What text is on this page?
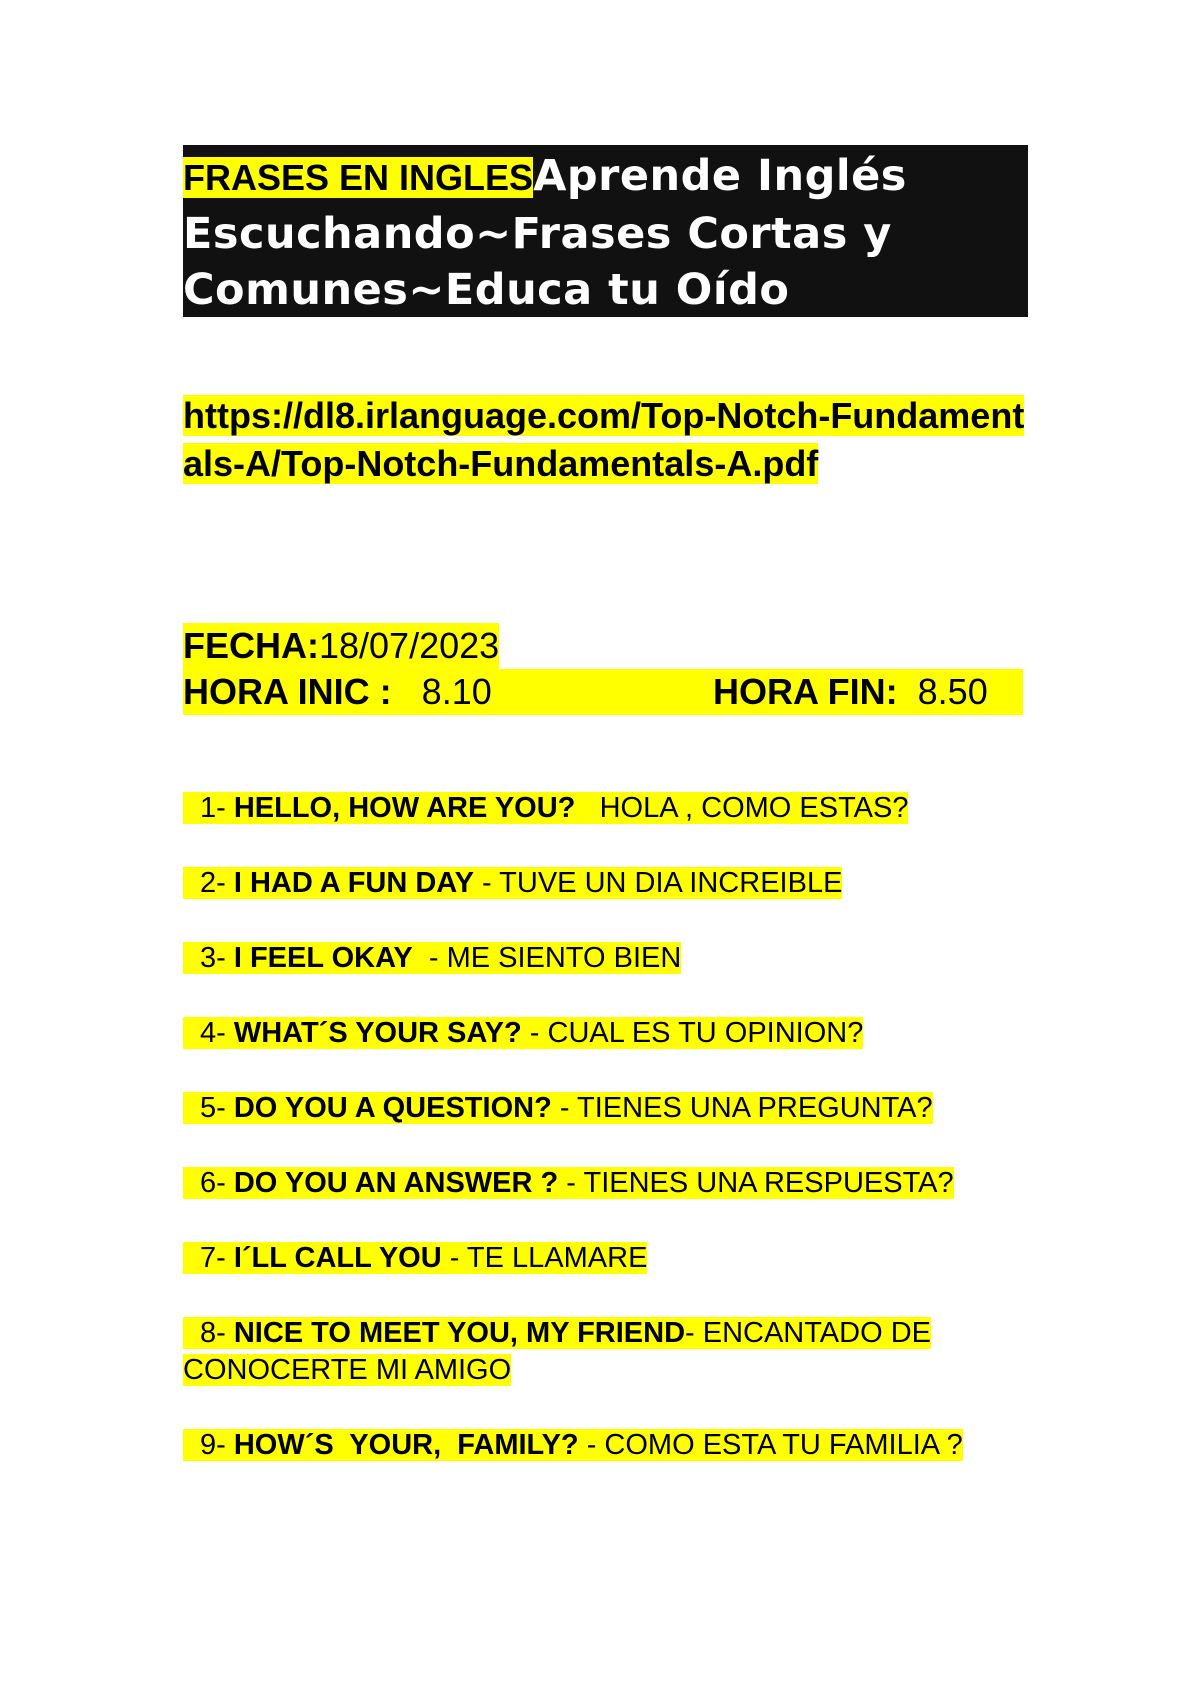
FRASES EN INGLESAprende Inglés Escuchando~Frases Cortas y Comunes~Educa tu Oído
https://dl8.irlanguage.com/Top-Notch-Fundamentals-A/Top-Notch-Fundamentals-A.pdf
FECHA:18/07/2023
HORA INIC : 8.10	HORA FIN: 8.50
1- HELLO, HOW ARE YOU?   HOLA , COMO ESTAS?
2- I HAD A FUN DAY - TUVE UN DIA INCREIBLE
3- I FEEL OKAY  - ME SIENTO BIEN
4- WHAT´S YOUR SAY? - CUAL ES TU OPINION?
5- DO YOU A QUESTION? - TIENES UNA PREGUNTA?
6- DO YOU AN ANSWER ? - TIENES UNA RESPUESTA?
7- I´LL CALL YOU - TE LLAMARE
8- NICE TO MEET YOU, MY FRIEND- ENCANTADO DE CONOCERTE MI AMIGO
9- HOW´S  YOUR,  FAMILY? - COMO ESTA TU FAMILIA ?
